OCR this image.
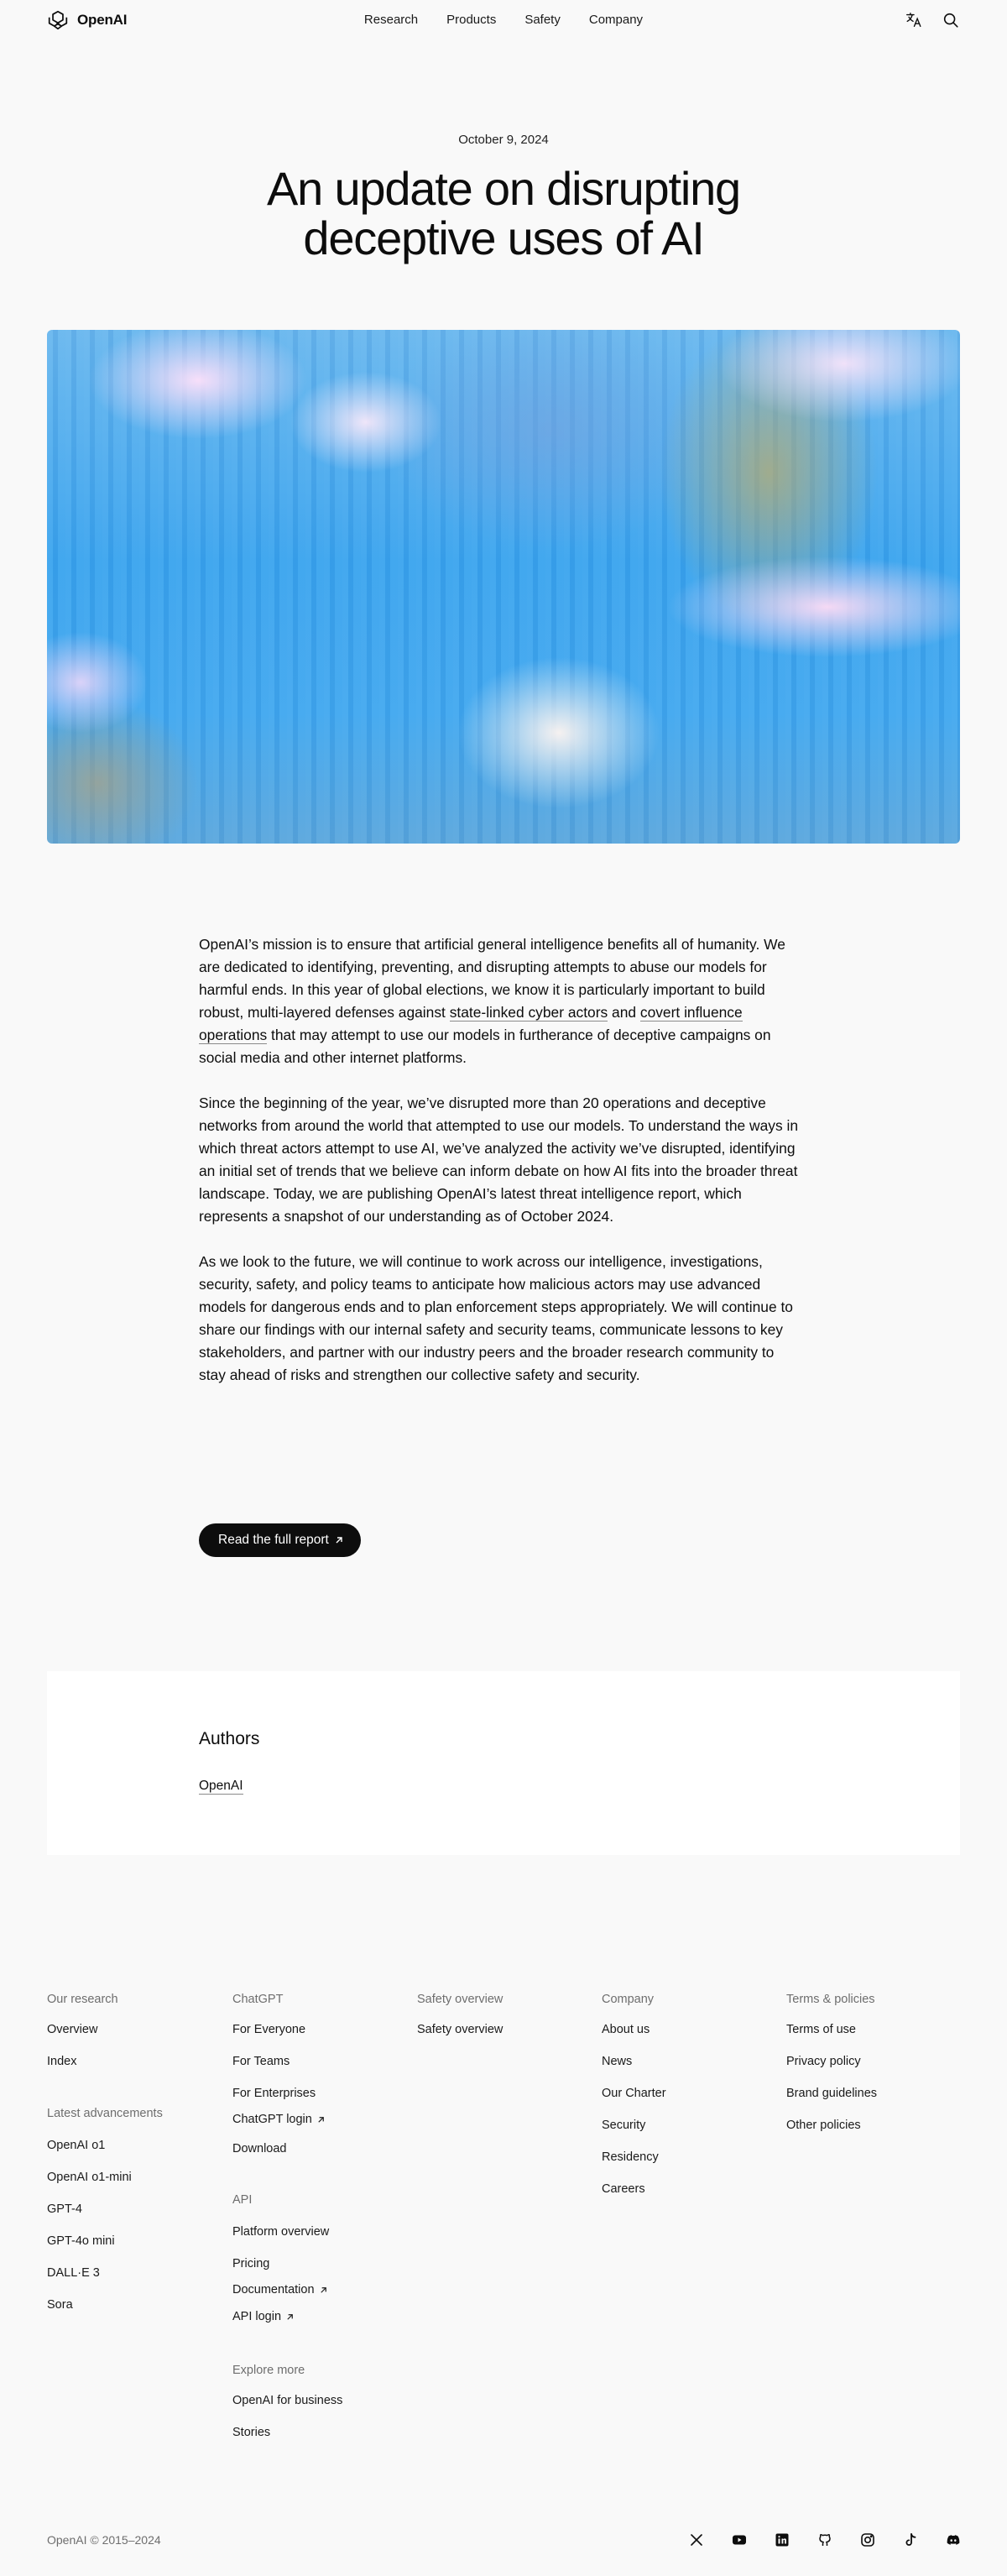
OpenAI	Research Products Safety Company
October 9, 2024
An update on disrupting deceptive uses of AI

OpenAI’s mission is to ensure that artificial general intelligence benefits all of humanity. We are dedicated to identifying, preventing, and disrupting attempts to abuse our models for harmful ends. In this year of global elections, we know it is particularly important to build robust, multi-layered defenses against state-linked cyber actors and covert influence operations that may attempt to use our models in furtherance of deceptive campaigns on social media and other internet platforms.

Since the beginning of the year, we’ve disrupted more than 20 operations and deceptive networks from around the world that attempted to use our models. To understand the ways in which threat actors attempt to use AI, we’ve analyzed the activity we’ve disrupted, identifying an initial set of trends that we believe can inform debate on how AI fits into the broader threat landscape. Today, we are publishing OpenAI’s latest threat intelligence report, which represents a snapshot of our understanding as of October 2024.

As we look to the future, we will continue to work across our intelligence, investigations, security, safety, and policy teams to anticipate how malicious actors may use advanced models for dangerous ends and to plan enforcement steps appropriately. We will continue to share our findings with our internal safety and security teams, communicate lessons to key stakeholders, and partner with our industry peers and the broader research community to stay ahead of risks and strengthen our collective safety and security.

Read the full report
Authors
OpenAI
Our research
Overview
Index
Latest advancements
OpenAI o1
OpenAI o1-mini
GPT-4
GPT-4o mini
DALL·E 3
Sora
ChatGPT
For Everyone
For Teams
For Enterprises
ChatGPT login
Download
API
Platform overview
Pricing
Documentation
API login
Explore more
OpenAI for business
Stories
Safety overview
Safety overview
Company
About us
News
Our Charter
Security
Residency
Careers
Terms & policies
Terms of use
Privacy policy
Brand guidelines
Other policies
OpenAI © 2015–2024
